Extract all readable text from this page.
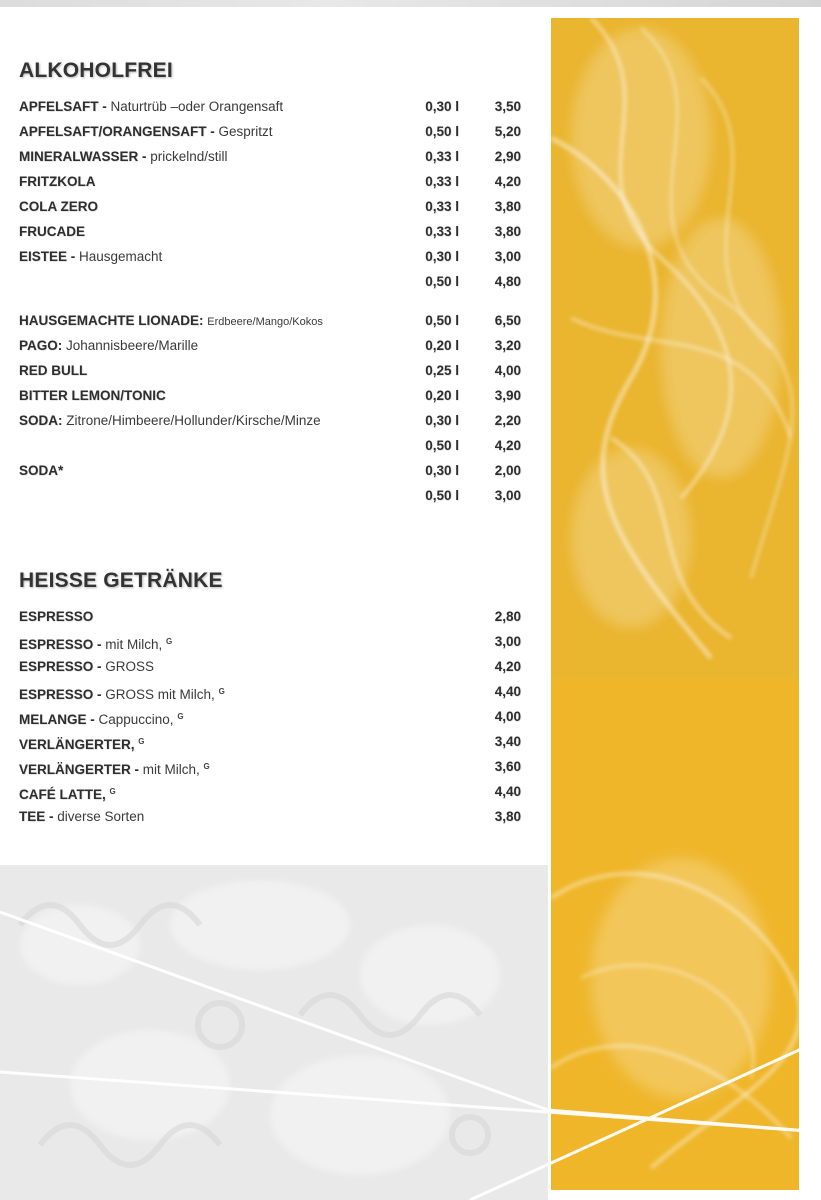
ALKOHOLFREI
APFELSAFT - Naturtrüb –oder Orangensaft	0,30 l	3,50
APFELSAFT/ORANGENSAFT - Gespritzt	0,50 l	5,20
MINERALWASSER - prickelnd/still	0,33 l	2,90
FRITZKOLA	0,33 l	4,20
COLA ZERO	0,33 l	3,80
FRUCADE	0,33 l	3,80
EISTEE - Hausgemacht	0,30 l	3,00
0,50 l	4,80
HAUSGEMACHTE LIONADE: Erdbeere/Mango/Kokos	0,50 l	6,50
PAGO: Johannisbeere/Marille	0,20 l	3,20
RED BULL	0,25 l	4,00
BITTER LEMON/TONIC	0,20 l	3,90
SODA: Zitrone/Himbeere/Hollunder/Kirsche/Minze	0,30 l	2,20
0,50 l	4,20
SODA*	0,30 l	2,00
0,50 l	3,00
HEISSE GETRÄNKE
ESPRESSO	2,80
ESPRESSO - mit Milch, $^G$	3,00
ESPRESSO - GROSS	4,20
ESPRESSO - GROSS mit Milch, $^G$	4,40
MELANGE - Cappuccino, $^G$	4,00
VERLÄNGERTER, $^G$	3,40
VERLÄNGERTER - mit Milch, $^G$	3,60
CAFÉ LATTE, $^G$	4,40
TEE - diverse Sorten	3,80
